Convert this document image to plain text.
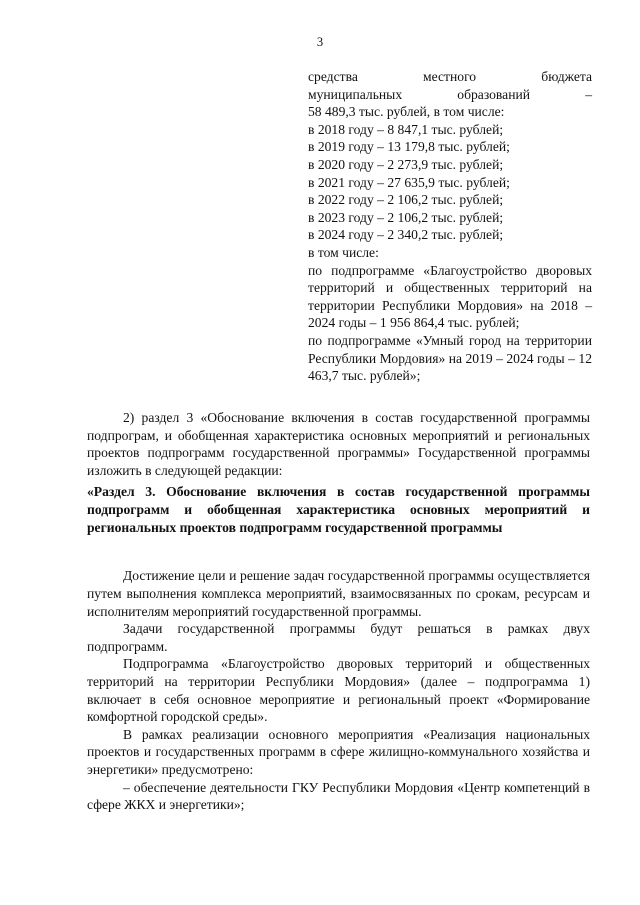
3

средства местного бюджета

муниципальных образований –

58 489,3 тыс. рублей, в том числе:

в 2018 году – 8 847,1 тыс. рублей;

в 2019 году – 13 179,8 тыс. рублей;

в 2020 году – 2 273,9 тыс. рублей;

в 2021 году – 27 635,9 тыс. рублей;

в 2022 году – 2 106,2 тыс. рублей;

в 2023 году – 2 106,2 тыс. рублей;

в 2024 году – 2 340,2 тыс. рублей;

в том числе:

по подпрограмме «Благоустройство дворовых территорий и общественных территорий на территории Республики Мордовия» на 2018 – 2024 годы – 1 956 864,4 тыс. рублей;

по подпрограмме «Умный город на территории Республики Мордовия» на 2019 – 2024 годы – 12 463,7 тыс. рублей»;

2) раздел 3 «Обоснование включения в состав государственной программы подпрограм, и обобщенная характеристика основных мероприятий и региональных проектов подпрограмм государственной программы» Государственной программы изложить в следующей редакции:

«Раздел 3. Обоснование включения в состав государственной программы подпрограмм и обобщенная характеристика основных мероприятий и региональных проектов подпрограмм государственной программы

Достижение цели и решение задач государственной программы осуществляется путем выполнения комплекса мероприятий, взаимосвязанных по срокам, ресурсам и исполнителям мероприятий государственной программы.

Задачи государственной программы будут решаться в рамках двух подпрограмм.

Подпрограмма «Благоустройство дворовых территорий и общественных территорий на территории Республики Мордовия» (далее – подпрограмма 1) включает в себя основное мероприятие и региональный проект «Формирование комфортной городской среды».

В рамках реализации основного мероприятия «Реализация национальных проектов и государственных программ в сфере жилищно-коммунального хозяйства и энергетики» предусмотрено:

– обеспечение деятельности ГКУ Республики Мордовия «Центр компетенций в сфере ЖКХ и энергетики»;
